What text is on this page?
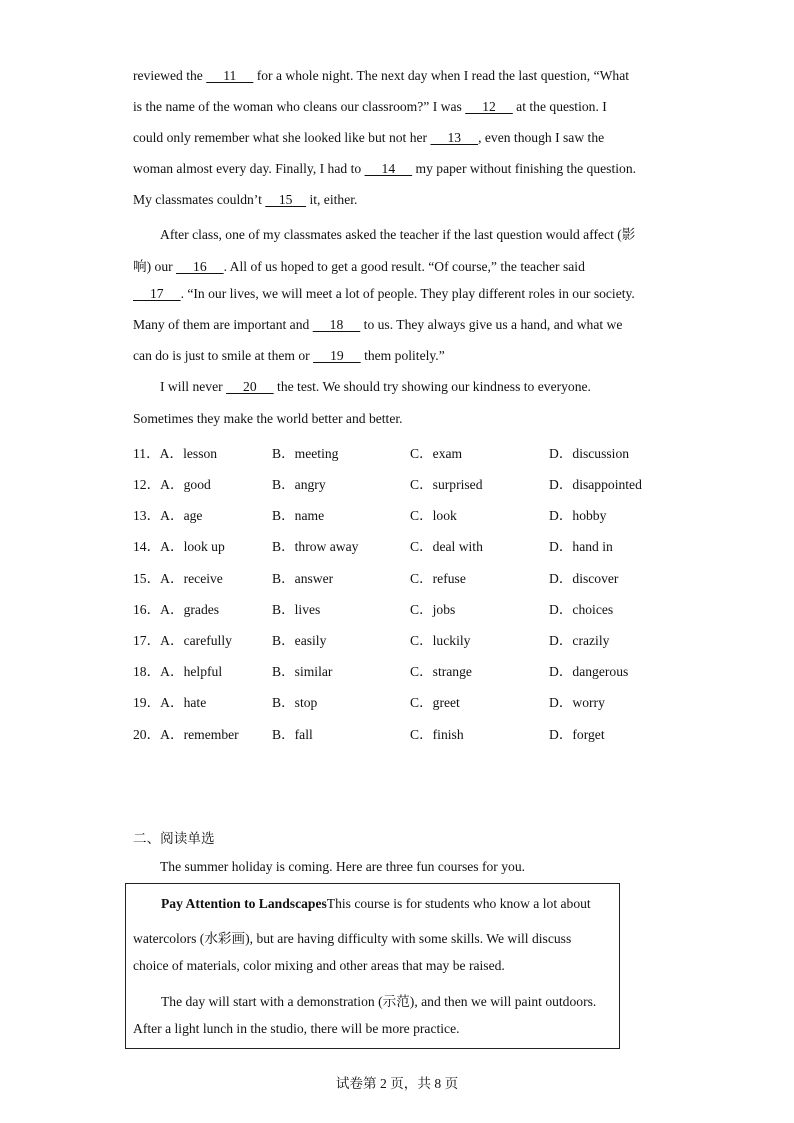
reviewed the      11      for a whole night. The next day when I read the last question, “What
is the name of the woman who cleans our classroom?” I was      12      at the question. I
could only remember what she looked like but not her      13     , even though I saw the
woman almost every day. Finally, I had to      14      my paper without finishing the question.
My classmates couldn’t     15     it, either.
After class, one of my classmates asked the teacher if the last question would affect (影
响) our      16     . All of us hoped to get a good result. “Of course,” the teacher said
17     . “In our lives, we will meet a lot of people. They play different roles in our society.
Many of them are important and      18      to us. They always give us a hand, and what we
can do is just to smile at them or      19      them politely.”
I will never      20      the test. We should try showing our kindness to everyone.
Sometimes they make the world better and better.
11．A．lesson	B．meeting	C．exam	D．discussion
12．A．good	B．angry	C．surprised	D．disappointed
13．A．age	B．name	C．look	D．hobby
14．A．look up	B．throw away	C．deal with	D．hand in
15．A．receive	B．answer	C．refuse	D．discover
16．A．grades	B．lives	C．jobs	D．choices
17．A．carefully	B．easily	C．luckily	D．crazily
18．A．helpful	B．similar	C．strange	D．dangerous
19．A．hate	B．stop	C．greet	D．worry
20．A．remember B．fall	C．finish	D．forget
二、阅读单选
The summer holiday is coming. Here are three fun courses for you.
Pay Attention to LandscapesThis course is for students who know a lot about
watercolors (水彩画), but are having difficulty with some skills. We will discuss
choice of materials, color mixing and other areas that may be raised.
The day will start with a demonstration (示范), and then we will paint outdoors.
After a light lunch in the studio, there will be more practice.
试卷第 2 页，共 8 页
